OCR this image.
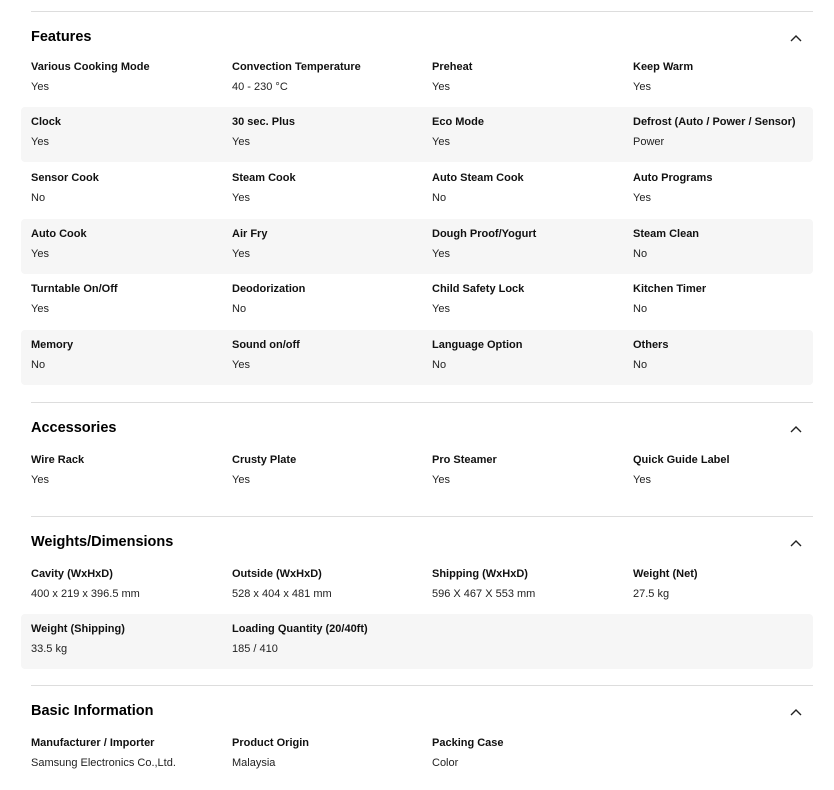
Features
Various Cooking Mode
Yes
Convection Temperature
40 - 230 °C
Preheat
Yes
Keep Warm
Yes
Clock
Yes
30 sec. Plus
Yes
Eco Mode
Yes
Defrost (Auto / Power / Sensor)
Power
Sensor Cook
No
Steam Cook
Yes
Auto Steam Cook
No
Auto Programs
Yes
Auto Cook
Yes
Air Fry
Yes
Dough Proof/Yogurt
Yes
Steam Clean
No
Turntable On/Off
Yes
Deodorization
No
Child Safety Lock
Yes
Kitchen Timer
No
Memory
No
Sound on/off
Yes
Language Option
No
Others
No
Accessories
Wire Rack
Yes
Crusty Plate
Yes
Pro Steamer
Yes
Quick Guide Label
Yes
Weights/Dimensions
Cavity (WxHxD)
400 x 219 x 396.5 mm
Outside (WxHxD)
528 x 404 x 481 mm
Shipping (WxHxD)
596 X 467 X 553 mm
Weight (Net)
27.5 kg
Weight (Shipping)
33.5 kg
Loading Quantity (20/40ft)
185 / 410
Basic Information
Manufacturer / Importer
Samsung Electronics Co.,Ltd.
Product Origin
Malaysia
Packing Case
Color
